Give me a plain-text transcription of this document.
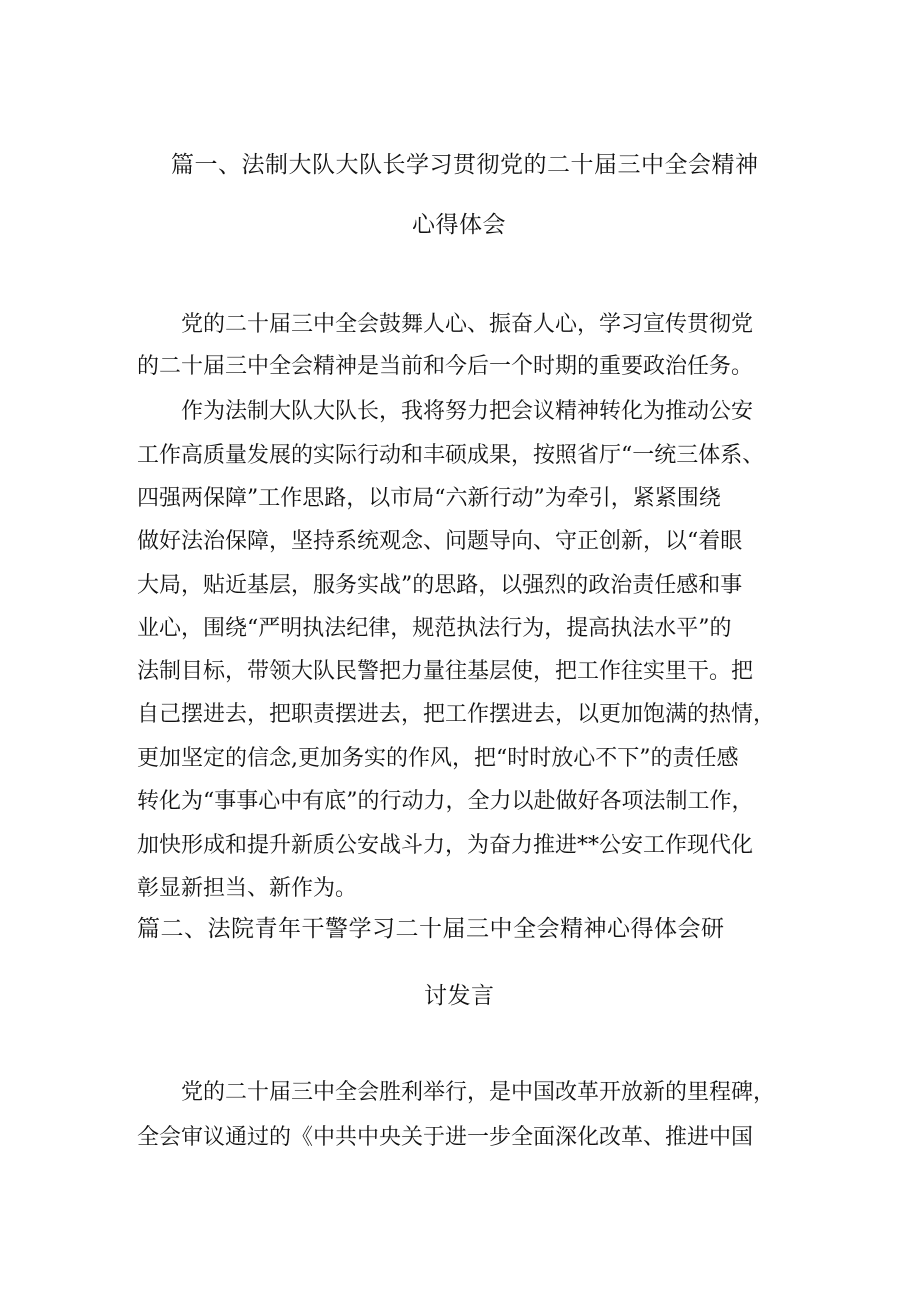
篇一、法制大队大队长学习贯彻党的二十届三中全会精神
心得体会
党的二十届三中全会鼓舞人心、振奋人心，学习宣传贯彻党
的二十届三中全会精神是当前和今后一个时期的重要政治任务。
作为法制大队大队长，我将努力把会议精神转化为推动公安
工作高质量发展的实际行动和丰硕成果，按照省厅“一统三体系、
四强两保障”工作思路，以市局“六新行动”为牵引，紧紧围绕
做好法治保障，坚持系统观念、问题导向、守正创新，以“着眼
大局，贴近基层，服务实战”的思路，以强烈的政治责任感和事
业心，围绕“严明执法纪律，规范执法行为，提高执法水平”的
法制目标，带领大队民警把力量往基层使，把工作往实里干。把
自己摆进去，把职责摆进去，把工作摆进去，以更加饱满的热情，
更加坚定的信念,更加务实的作风，把“时时放心不下”的责任感
转化为“事事心中有底”的行动力，全力以赴做好各项法制工作，
加快形成和提升新质公安战斗力，为奋力推进**公安工作现代化
彰显新担当、新作为。
篇二、法院青年干警学习二十届三中全会精神心得体会研
讨发言
党的二十届三中全会胜利举行，是中国改革开放新的里程碑，
全会审议通过的《中共中央关于进一步全面深化改革、推进中国
